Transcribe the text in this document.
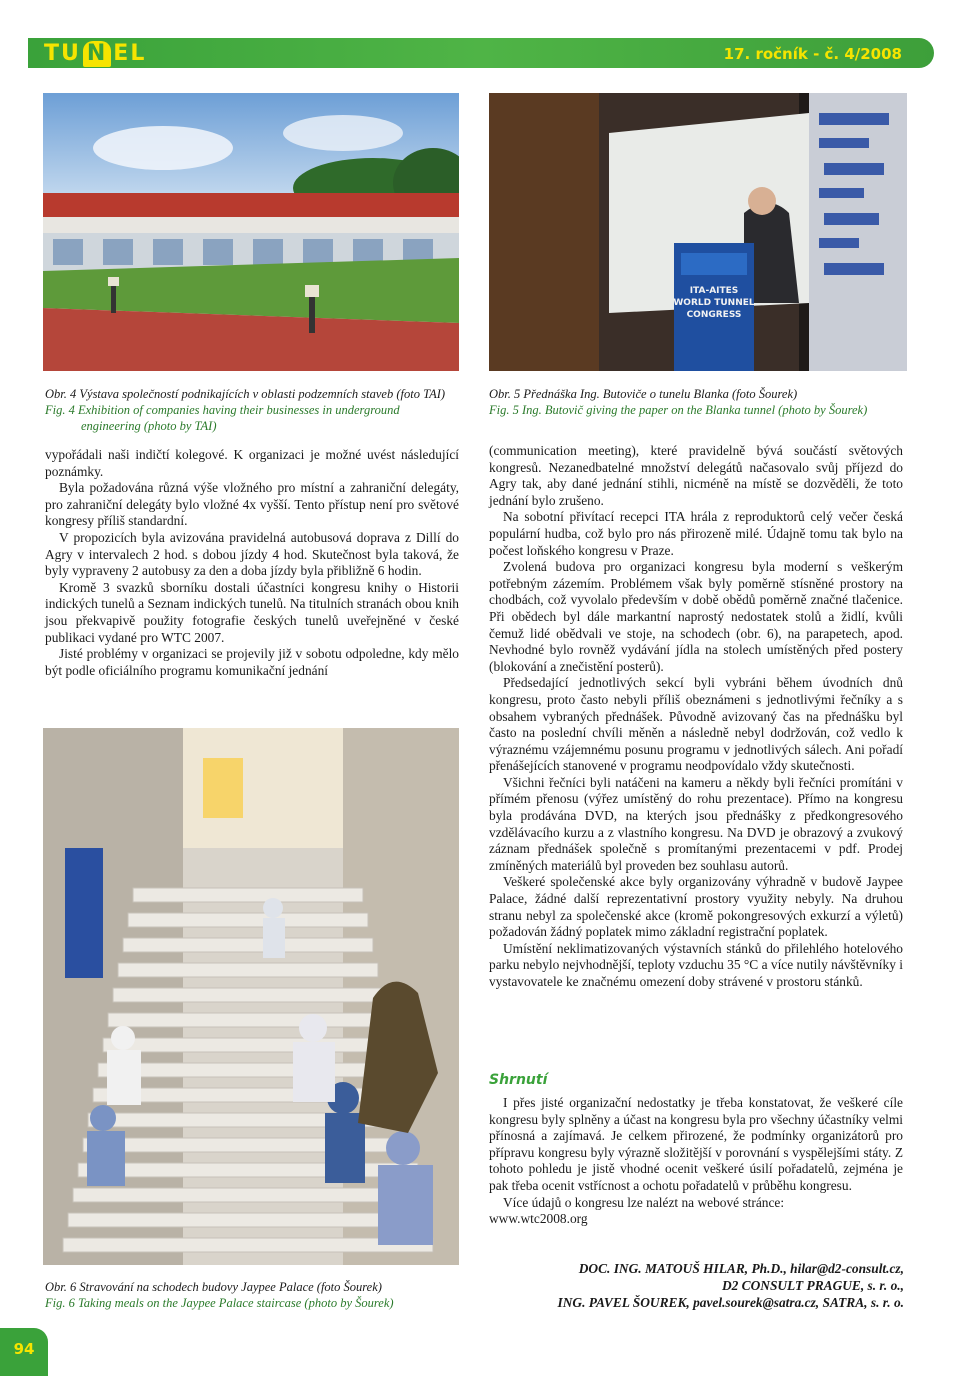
TU N EL	17. ročník - č. 4/2008
ITA-AITES
WORLD TUNNEL
CONGRESS
Obr. 4 Výstava společností podnikajících v oblasti podzemních staveb (foto TAI)
Fig. 4 Exhibition of companies having their businesses in underground

engineering (photo by TAI)
Obr. 5 Přednáška Ing. Butoviče o tunelu Blanka (foto Šourek)
Fig. 5 Ing. Butovič giving the paper on the Blanka tunnel (photo by Šourek)

vypořádali naši indičtí kolegové. K organizaci je možné uvést následující poznámky.

Byla požadována různá výše vložného pro místní a zahraniční delegáty, pro zahraniční delegáty bylo vložné 4x vyšší. Tento přístup není pro světové kongresy příliš standardní.

V propozicích byla avizována pravidelná autobusová doprava z Dillí do Agry v intervalech 2 hod. s dobou jízdy 4 hod. Skutečnost byla taková, že byly vypraveny 2 autobusy za den a doba jízdy byla přibližně 6 hodin.

Kromě 3 svazků sborníku dostali účastníci kongresu knihy o Historii indických tunelů a Seznam indických tunelů. Na titulních stranách obou knih jsou překvapivě použity fotografie českých tunelů uveřejněné v české publikaci vydané pro WTC 2007.

Jisté problémy v organizaci se projevily již v sobotu odpoledne, kdy mělo být podle oficiálního programu komunikační jednání

Obr. 6 Stravování na schodech budovy Jaypee Palace (foto Šourek)
Fig. 6 Taking meals on the Jaypee Palace staircase (photo by Šourek)

(communication meeting), které pravidelně bývá součástí světových kongresů. Nezanedbatelné množství delegátů načasovalo svůj příjezd do Agry tak, aby dané jednání stihli, nicméně na místě se dozvěděli, že toto jednání bylo zrušeno.

Na sobotní přivítací recepci ITA hrála z reproduktorů celý večer česká populární hudba, což bylo pro nás přirozeně milé. Údajně tomu tak bylo na počest loňského kongresu v Praze.

Zvolená budova pro organizaci kongresu byla moderní s veškerým potřebným zázemím. Problémem však byly poměrně stísněné prostory na chodbách, což vyvolalo především v době obědů poměrně značné tlačenice. Při obědech byl dále markantní naprostý nedostatek stolů a židlí, kvůli čemuž lidé obědvali ve stoje, na schodech (obr. 6), na parapetech, apod. Nevhodné bylo rovněž vydávání jídla na stolech umístěných před postery (blokování a znečistění posterů).

Předsedající jednotlivých sekcí byli vybráni během úvodních dnů kongresu, proto často nebyli příliš obeznámeni s jednotlivými řečníky a s obsahem vybraných přednášek. Původně avizovaný čas na přednášku byl často na poslední chvíli měněn a následně nebyl dodržován, což vedlo k výraznému vzájemnému posunu programu v jednotlivých sálech. Ani pořadí přenášejících stanovené v programu neodpovídalo vždy skutečnosti.

Všichni řečníci byli natáčeni na kameru a někdy byli řečníci promítáni v přímém přenosu (výřez umístěný do rohu prezentace). Přímo na kongresu byla prodávána DVD, na kterých jsou přednášky z předkongresového vzdělávacího kurzu a z vlastního kongresu. Na DVD je obrazový a zvukový záznam přednášek společně s promítanými prezentacemi v pdf. Prodej zmíněných materiálů byl proveden bez souhlasu autorů.

Veškeré společenské akce byly organizovány výhradně v budově Jaypee Palace, žádné další reprezentativní prostory využity nebyly. Na druhou stranu nebyl za společenské akce (kromě pokongresových exkurzí a výletů) požadován žádný poplatek mimo základní registrační poplatek.

Umístění neklimatizovaných výstavních stánků do přilehlého hotelového parku nebylo nejvhodnější, teploty vzduchu 35 °C a více nutily návštěvníky i vystavovatele ke značnému omezení doby strávené v prostoru stánků.

Shrnutí

I přes jisté organizační nedostatky je třeba konstatovat, že veškeré cíle kongresu byly splněny a účast na kongresu byla pro všechny účastníky velmi přínosná a zajímavá. Je celkem přirozené, že podmínky organizátorů pro přípravu kongresu byly výrazně složitější v porovnání s vyspělejšími státy. Z tohoto pohledu je jistě vhodné ocenit veškeré úsilí pořadatelů, zejména je pak třeba ocenit vstřícnost a ochotu pořadatelů v průběhu kongresu.

Více údajů o kongresu lze nalézt na webové stránce:

www.wtc2008.org

DOC. ING. MATOUŠ HILAR, Ph.D., hilar@d2-consult.cz,
D2 CONSULT PRAGUE, s. r. o.,
ING. PAVEL ŠOUREK, pavel.sourek@satra.cz, SATRA, s. r. o.
94
